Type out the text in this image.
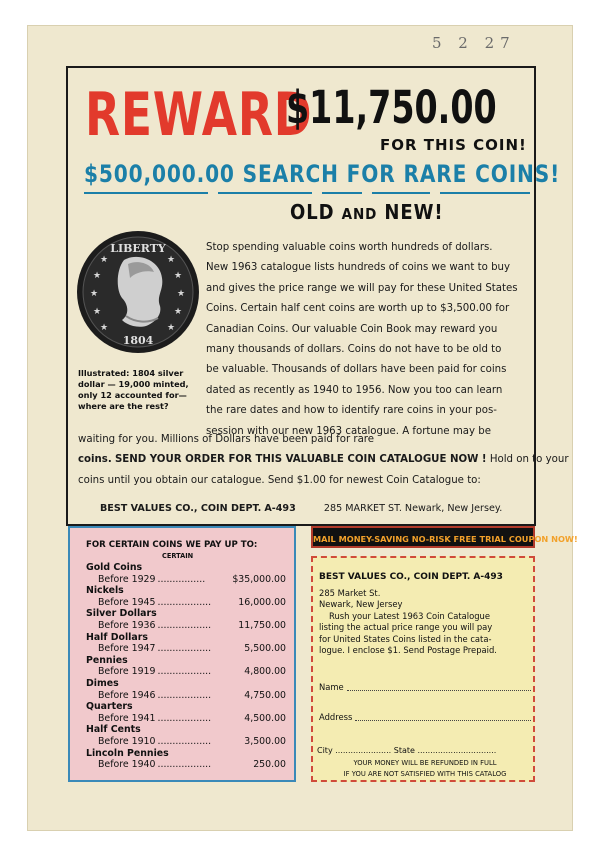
5 2 27
REWARD
$11,750.00
FOR THIS COIN!
$500,000.00 SEARCH FOR RARE COINS!
OLD AND NEW!
★
★
★
★
★
★
★
★
★
★
LIBERTY
1804
Illustrated: 1804 silver dollar — 19,000 minted, only 12 accounted for— where are the rest?
Stop spending valuable coins worth hundreds of dollars.
New 1963 catalogue lists hundreds of coins we want to buy
and gives the price range we will pay for these United States
Coins. Certain half cent coins are worth up to $3,500.00 for
Canadian Coins. Our valuable Coin Book may reward you
many thousands of dollars. Coins do not have to be old to
be valuable. Thousands of dollars have been paid for coins
dated as recently as 1940 to 1956. Now you too can learn
the rare dates and how to identify rare coins in your pos-
session with our new 1963 catalogue. A fortune may be
waiting for you. Millions of Dollars have been paid for rare
coins. SEND YOUR ORDER FOR THIS VALUABLE COIN CATALOGUE NOW ! Hold on to your
coins until you obtain our catalogue. Send $1.00 for newest Coin Catalogue to:
BEST VALUES CO., COIN DEPT. A-493	285 MARKET ST. Newark, New Jersey.
MAIL MONEY-SAVING NO-RISK FREE TRIAL COUPON NOW!
FOR CERTAIN COINS WE PAY UP TO:
CERTAIN
Gold Coins
Before 1929 ................	$35,000.00
Nickels
Before 1945 ..................	16,000.00
Silver Dollars
Before 1936 ..................	11,750.00
Half Dollars
Before 1947 ..................	5,500.00
Pennies
Before 1919 ..................	4,800.00
Dimes
Before 1946 ..................	4,750.00
Quarters
Before 1941 ..................	4,500.00
Half Cents
Before 1910 ..................	3,500.00
Lincoln Pennies
Before 1940 ..................	250.00
BEST VALUES CO., COIN DEPT. A-493
285 Market St.
Newark, New Jersey
Rush your Latest 1963 Coin Catalogue
listing the actual price range you will pay
for United States Coins listed in the cata-
logue. I enclose $1. Send Postage Prepaid.
Name
Address
City ...................... State ...............................
YOUR MONEY WILL BE REFUNDED IN FULL
IF YOU ARE NOT SATISFIED WITH THIS CATALOG
